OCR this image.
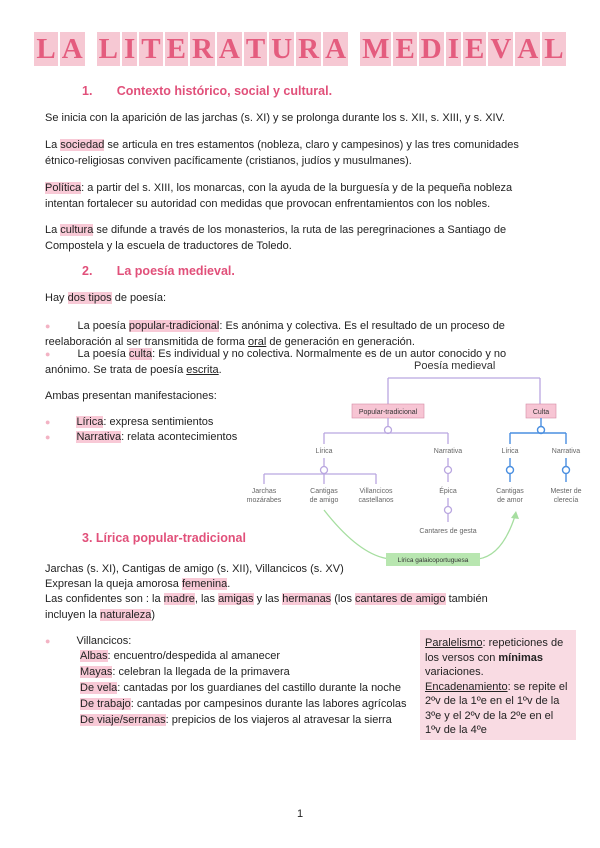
L A L I T E R A T U R A M E D I E V A L
1.       Contexto histórico, social y cultural.
Se inicia con la aparición de las jarchas (s. XI) y se prolonga durante los s. XII, s. XIII, y s. XIV.
La sociedad se articula en tres estamentos (nobleza, claro y campesinos) y las tres comunidades
étnico-religiosas conviven pacíficamente (cristianos, judíos y musulmanes).
Política: a partir del s. XIII, los monarcas, con la ayuda de la burguesía y de la pequeña nobleza
intentan fortalecer su autoridad con medidas que provocan enfrentamientos con los nobles.
La cultura se difunde a través de los monasterios, la ruta de las peregrinaciones a Santiago de
Compostela y la escuela de traductores de Toledo.
2.       La poesía medieval.
Hay dos tipos de poesía:
● La poesía popular-tradicional: Es anónima y colectiva. Es el resultado de un proceso de
reelaboración al ser transmitida de forma oral de generación en generación.
● La poesía culta: Es individual y no colectiva. Normalmente es de un autor conocido y no
anónimo. Se trata de poesía escrita.
Ambas presentan manifestaciones:
● Lírica: expresa sentimientos
● Narrativa: relata acontecimientos
Poesía medieval
Popular-tradicional	Culta
Lírica	Narrativa
Jarchas mozárabes
Cantigas de amigo
Villancicos castellanos
Épica
Cantares de gesta
Lírica	Narrativa
Cantigas de amor
Mester de clerecía
Lírica galaicoportuguesa
3. Lírica popular-tradicional
Jarchas (s. XI), Cantigas de amigo (s. XII), Villancicos (s. XV)
Expresan la queja amorosa femenina.
Las confidentes son : la madre, las amigas y las hermanas (los cantares de amigo también
incluyen la naturaleza)
● Villancicos:
Albas: encuentro/despedida al amanecer
Mayas: celebran la llegada de la primavera
De vela: cantadas por los guardianes del castillo durante la noche
De trabajo: cantadas por campesinos durante las labores agrícolas
De viaje/serranas: prepicios de los viajeros al atravesar la sierra
Paralelismo: repeticiones de los versos con mínimas variaciones.
Encadenamiento: se repite el 2ºv de la 1ºe en el 1ºv de la 3ºe y el 2ºv de la 2ºe en el 1ºv de la 4ºe
1
